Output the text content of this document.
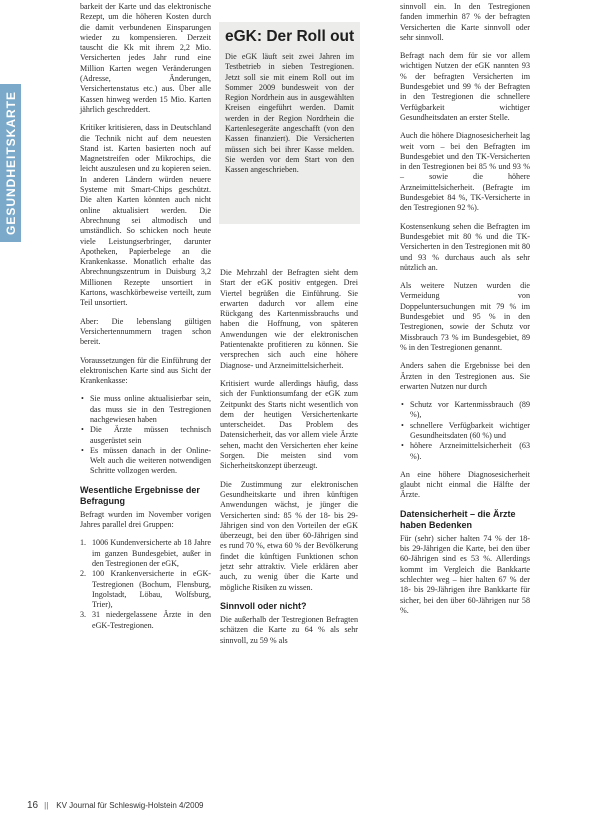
GESUNDHEITSKARTE

barkeit der Karte und das elektronische Rezept, um die höheren Kosten durch die damit verbundenen Einsparungen wieder zu kompensieren. Derzeit tauscht die Kk mit ihrem 2,2 Mio. Versicherten jedes Jahr rund eine Million Karten wegen Veränderungen (Adresse, Änderungen, Versichertenstatus etc.) aus. Über alle Kassen hinweg werden 15 Mio. Karten jährlich geschreddert.

Kritiker kritisieren, dass in Deutschland die Technik nicht auf dem neuesten Stand ist. Karten basierten noch auf Magnetstreifen oder Mikrochips, die leicht auszulesen und zu kopieren seien. In anderen Ländern würden neuere Systeme mit Smart-Chips geschützt. Die alten Karten könnten auch nicht online aktualisiert werden. Die Abrechnung sei altmodisch und umständlich. So schicken noch heute viele Leistungserbringer, darunter Apotheken, Papierbelege an die Krankenkasse. Monatlich erhalte das Abrechnungszentrum in Duisburg 3,2 Millionen Rezepte unsortiert in Kartons, waschkörbeweise verteilt, zum Teil unsortiert.

Aber: Die lebenslang gültigen Versichertennummern tragen schon bereit.

Voraussetzungen für die Einführung der elektronischen Karte sind aus Sicht der Krankenkasse:

• Sie muss online aktualisierbar sein, das muss sie in den Testregionen nachgewiesen haben
• Die Ärzte müssen technisch ausgerüstet sein
• Es müssen danach in der Online-Welt auch die weiteren notwendigen Schritte vollzogen werden.
Wesentliche Ergebnisse der Befragung

Befragt wurden im November vorigen Jahres parallel drei Gruppen:

1. 1006 Kundenversicherte ab 18 Jahre im ganzen Bundesgebiet, außer in den Testregionen der eGK,
2. 100 Krankenversicherte in eGK-Testregionen (Bochum, Flensburg, Ingolstadt, Löbau, Wolfsburg, Trier),
3. 31 niedergelassene Ärzte in den eGK-Testregionen.
eGK: Der Roll out

Die eGK läuft seit zwei Jahren im Testbetrieb in sieben Testregionen. Jetzt soll sie mit einem Roll out im Sommer 2009 bundesweit von der Region Nordrhein aus in ausgewählten Kreisen eingeführt werden. Damit werden in der Region Nordrhein die Kartenlesegeräte angeschafft (von den Kassen finanziert). Die Versicherten müssen sich bei ihrer Kasse melden. Sie werden vor dem Start von den Kassen angeschrieben.

Die Mehrzahl der Befragten sieht dem Start der eGK positiv entgegen. Drei Viertel begrüßen die Einführung. Sie erwarten dadurch vor allem eine Rückgang des Kartenmissbrauchs und haben die Hoffnung, von späteren Anwendungen wie der elektronischen Patientenakte profitieren zu können. Sie versprechen sich auch eine höhere Diagnose- und Arzneimittelsicherheit.

Kritisiert wurde allerdings häufig, dass sich der Funktionsumfang der eGK zum Zeitpunkt des Starts nicht wesentlich von dem der heutigen Versichertenkarte unterscheidet. Das Problem des Datensicherheit, das vor allem viele Ärzte sehen, macht den Versicherten eher keine Sorgen. Die meisten sind vom Sicherheitskonzept überzeugt.

Die Zustimmung zur elektronischen Gesundheitskarte und ihren künftigen Anwendungen wächst, je jünger die Versicherten sind: 85 % der 18- bis 29-Jährigen sind von den Vorteilen der eGK überzeugt, bei den über 60-Jährigen sind es rund 70 %, etwa 60 % der Bevölkerung findet die künftigen Funktionen schon jetzt sehr attraktiv. Viele erklären aber auch, zu wenig über die Karte und mögliche Risiken zu wissen.

Sinnvoll oder nicht?

Die außerhalb der Testregionen Befragten schätzen die Karte zu 64 % als sehr sinnvoll, zu 59 % als

sinnvoll ein. In den Testregionen fanden immerhin 87 % der befragten Versicherten die Karte sinnvoll oder sehr sinnvoll.

Befragt nach dem für sie vor allem wichtigen Nutzen der eGK nannten 93 % der befragten Versicherten im Bundesgebiet und 99 % der Befragten in den Testregionen die schnellere Verfügbarkeit wichtiger Gesundheitsdaten an erster Stelle.

Auch die höhere Diagnosesicherheit lag weit vorn – bei den Befragten im Bundesgebiet und den TK-Versicherten in den Testregionen bei 85 % und 93 % – sowie die höhere Arzneimittelsicherheit. (Befragte im Bundesgebiet 84 %, TK-Versicherte in den Testregionen 92 %).

Kostensenkung sehen die Befragten im Bundesgebiet mit 80 % und die TK-Versicherten in den Testregionen mit 80 und 93 % durchaus auch als sehr nützlich an.

Als weitere Nutzen wurden die Vermeidung von Doppeluntersuchungen mit 79 % im Bundesgebiet und 95 % in den Testregionen, sowie der Schutz vor Missbrauch 73 % im Bundesgebiet, 89 % in den Testregionen genannt.

Anders sahen die Ergebnisse bei den Ärzten in den Testregionen aus. Sie erwarten Nutzen nur durch

• Schutz vor Kartenmissbrauch (89 %),
• schnellere Verfügbarkeit wichtiger Gesundheitsdaten (60 %) und
• höhere Arzneimittelsicherheit (63 %).

An eine höhere Diagnosesicherheit glaubt nicht einmal die Hälfte der Ärzte.

Datensicherheit – die Ärzte haben Bedenken

Für (sehr) sicher halten 74 % der 18- bis 29-Jährigen die Karte, bei den über 60-Jährigen sind es 53 %. Allerdings kommt im Vergleich die Bankkarte schlechter weg – hier halten 67 % der 18- bis 29-Jährigen ihre Bankkarte für sicher, bei den über 60-Jährigen nur 58 %.

16 || KV Journal für Schleswig-Holstein 4/2009
